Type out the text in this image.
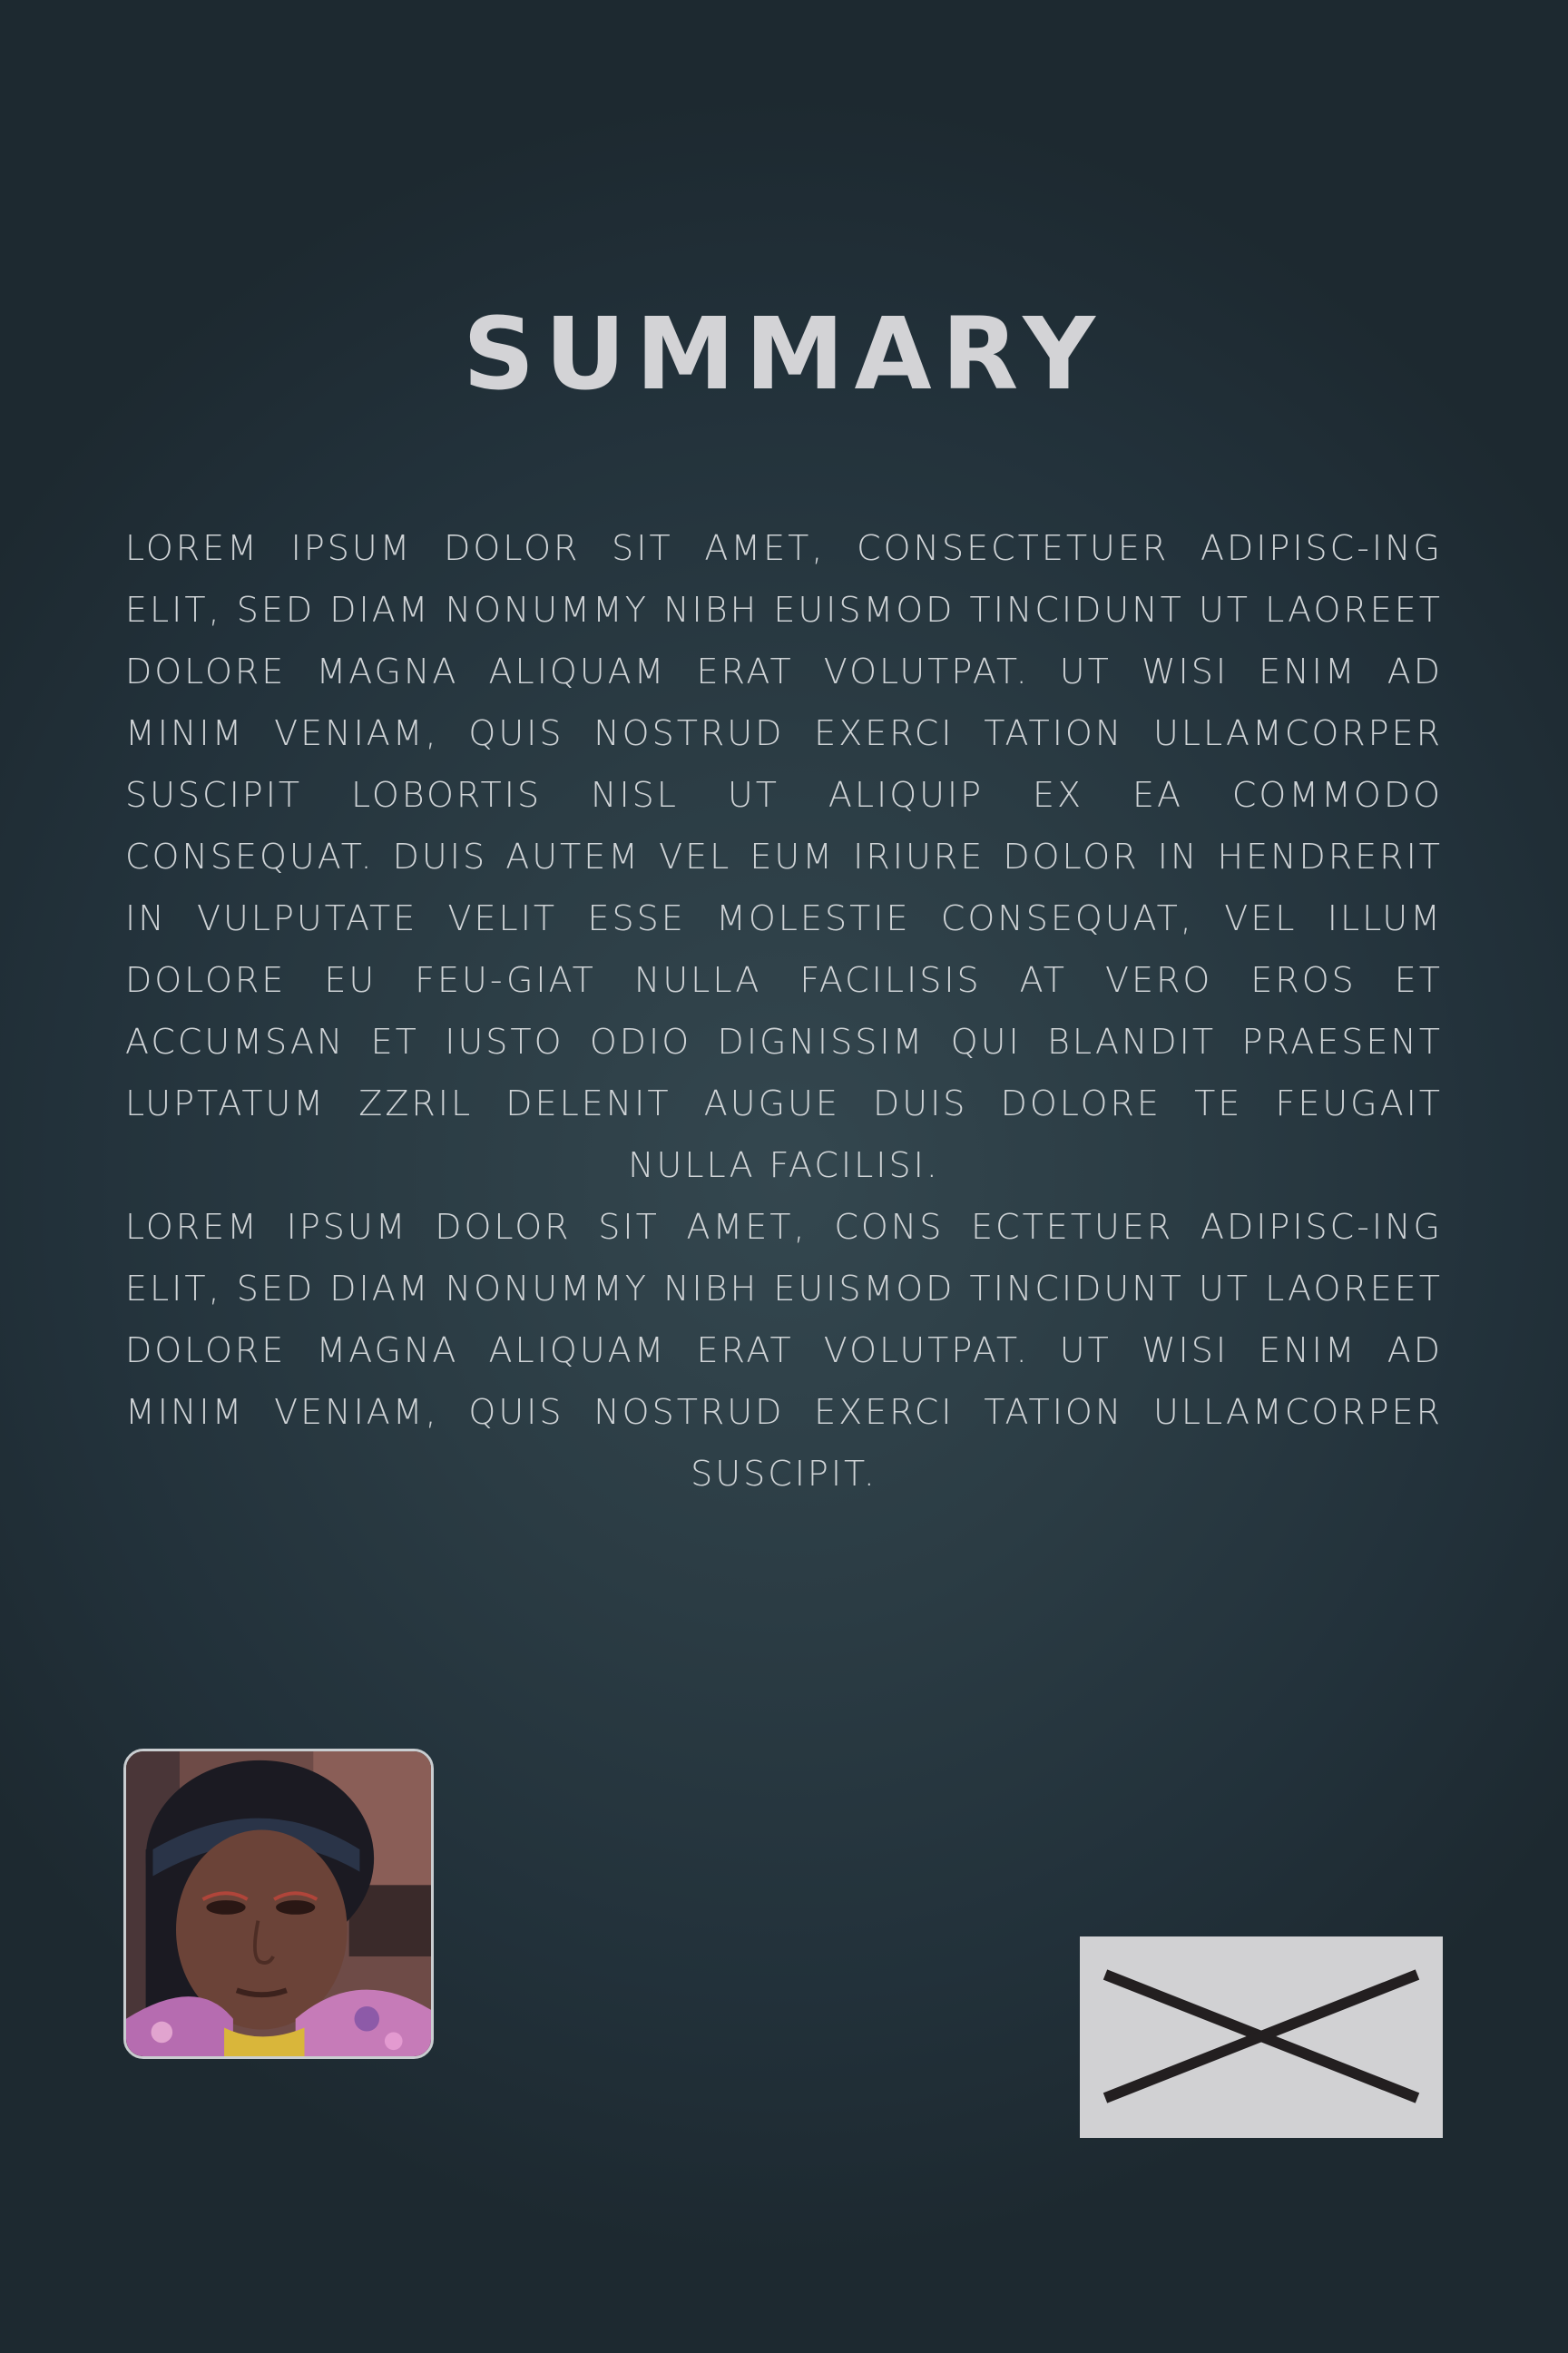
SUMMARY

LOREM IPSUM DOLOR SIT AMET, CONSECTETUER ADIPISC-ING ELIT, SED DIAM NONUMMY NIBH EUISMOD TINCIDUNT UT LAOREET DOLORE MAGNA ALIQUAM ERAT VOLUTPAT. UT WISI ENIM AD MINIM VENIAM, QUIS NOSTRUD EXERCI TATION ULLAMCORPER SUSCIPIT LOBORTIS NISL UT ALIQUIP EX EA COMMODO CONSEQUAT. DUIS AUTEM VEL EUM IRIURE DOLOR IN HENDRERIT IN VULPUTATE VELIT ESSE MOLESTIE CONSEQUAT, VEL ILLUM DOLORE EU FEU-GIAT NULLA FACILISIS AT VERO EROS ET ACCUMSAN ET IUSTO ODIO DIGNISSIM QUI BLANDIT PRAESENT LUPTATUM ZZRIL DELENIT AUGUE DUIS DOLORE TE FEUGAIT NULLA FACILISI.

LOREM IPSUM DOLOR SIT AMET, CONS ECTETUER ADIPISC-ING ELIT, SED DIAM NONUMMY NIBH EUISMOD TINCIDUNT UT LAOREET DOLORE MAGNA ALIQUAM ERAT VOLUTPAT. UT WISI ENIM AD MINIM VENIAM, QUIS NOSTRUD EXERCI TATION ULLAMCORPER SUSCIPIT.
